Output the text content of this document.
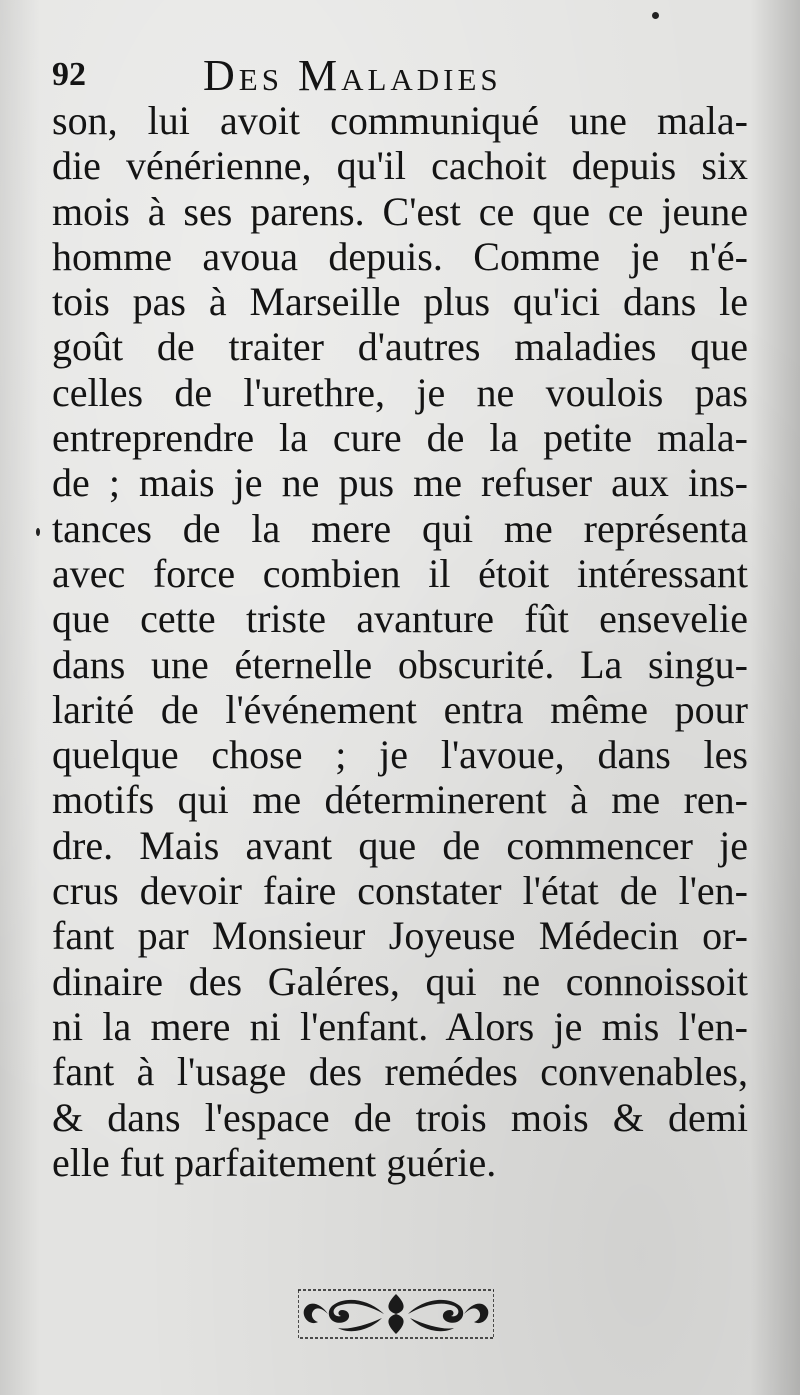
92	Des Maladies
son, lui avoit communiqué une mala-
die vénérienne, qu'il cachoit depuis six
mois à ses parens. C'est ce que ce jeune
homme avoua depuis. Comme je n'é-
tois pas à Marseille plus qu'ici dans le
goût de traiter d'autres maladies que
celles de l'urethre, je ne voulois pas
entreprendre la cure de la petite mala-
de ; mais je ne pus me refuser aux ins-
tances de la mere qui me représenta
avec force combien il étoit intéressant
que cette triste avanture fût ensevelie
dans une éternelle obscurité. La singu-
larité de l'événement entra même pour
quelque chose ; je l'avoue, dans les
motifs qui me déterminerent à me ren-
dre. Mais avant que de commencer je
crus devoir faire constater l'état de l'en-
fant par Monsieur Joyeuse Médecin or-
dinaire des Galéres, qui ne connoissoit
ni la mere ni l'enfant. Alors je mis l'en-
fant à l'usage des remédes convenables,
& dans l'espace de trois mois & demi
elle fut parfaitement guérie.
